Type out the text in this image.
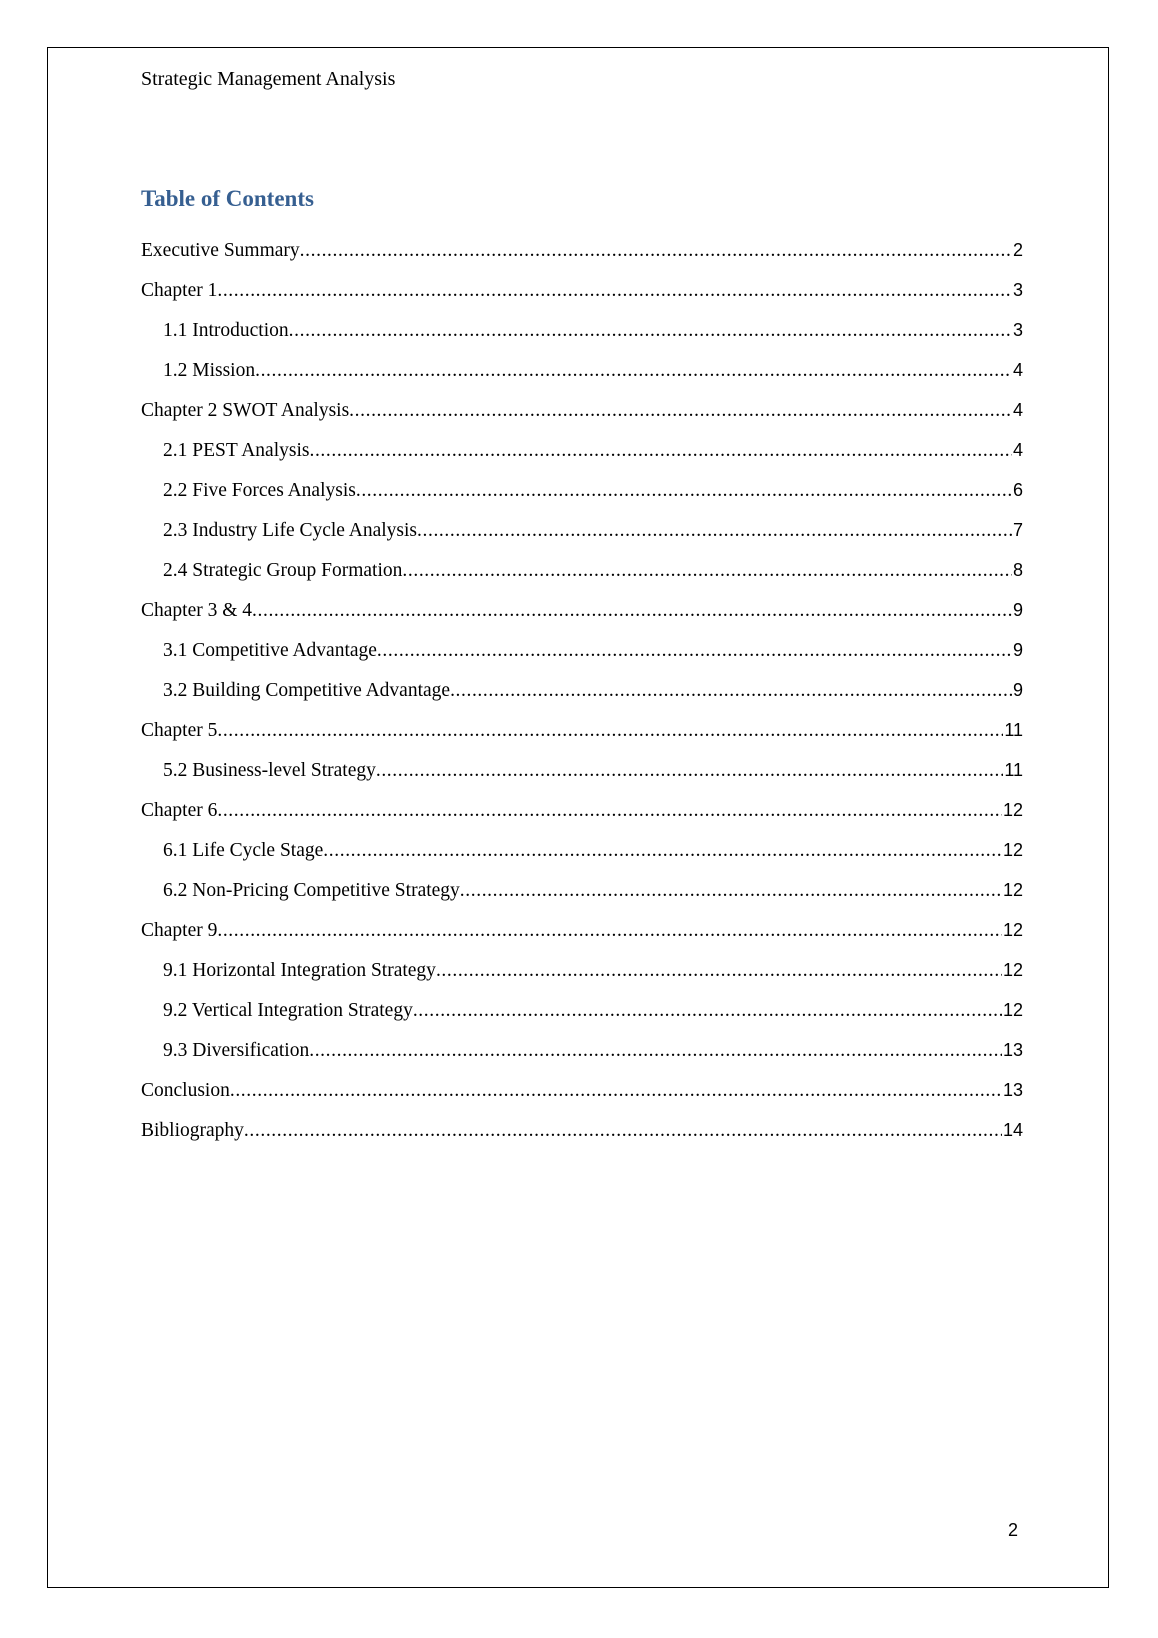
Strategic Management Analysis
Table of Contents
Executive Summary .....	2
Chapter 1 .....	3
1.1 Introduction .....	3
1.2 Mission .....	4
Chapter 2 SWOT Analysis .....	4
2.1 PEST Analysis .....	4
2.2 Five Forces Analysis .....	6
2.3 Industry Life Cycle Analysis .....	7
2.4 Strategic Group Formation .....	8
Chapter 3 & 4 .....	9
3.1 Competitive Advantage .....	9
3.2 Building Competitive Advantage .....	9
Chapter 5 .....	11
5.2 Business-level Strategy .....	11
Chapter 6 .....	12
6.1 Life Cycle Stage .....	12
6.2 Non-Pricing Competitive Strategy .....	12
Chapter 9 .....	12
9.1 Horizontal Integration Strategy .....	12
9.2 Vertical Integration Strategy .....	12
9.3 Diversification .....	13
Conclusion .....	13
Bibliography .....	14
2
